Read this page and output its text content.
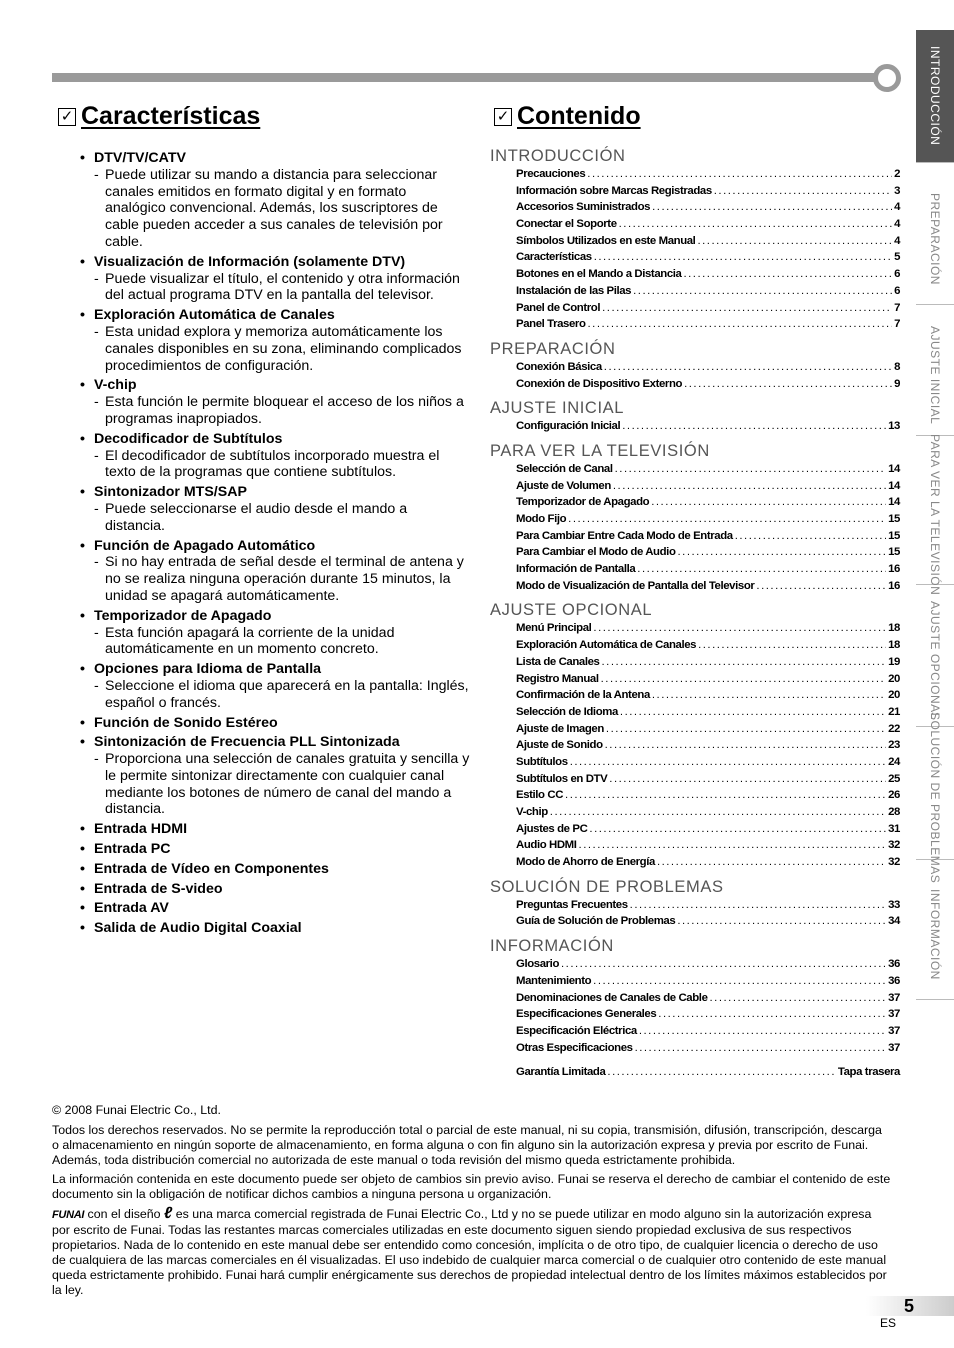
INTRODUCCIÓN
PREPARACIÓN
AJUSTE INICIAL
PARA VER LA TELEVISIÓN
AJUSTE OPCIONAL
SOLUCIÓN DE PROBLEMAS
INFORMACIÓN
✓ Características
• DTV/TV/CATV
- Puede utilizar su mando a distancia para seleccionar canales emitidos en formato digital y en formato analógico convencional. Además, los suscriptores de cable pueden acceder a sus canales de televisión por cable.
• Visualización de Información (solamente DTV)
- Puede visualizar el título, el contenido y otra información del actual programa DTV en la pantalla del televisor.
• Exploración Automática de Canales
- Esta unidad explora y memoriza automáticamente los canales disponibles en su zona, eliminando complicados procedimientos de configuración.
• V-chip
- Esta función le permite bloquear el acceso de los niños a programas inapropiados.
• Decodificador de Subtítulos
- El decodificador de subtítulos incorporado muestra el texto de la programas que contiene subtítulos.
• Sintonizador MTS/SAP
- Puede seleccionarse el audio desde el mando a distancia.
• Función de Apagado Automático
- Si no hay entrada de señal desde el terminal de antena y no se realiza ninguna operación durante 15 minutos, la unidad se apagará automáticamente.
• Temporizador de Apagado
- Esta función apagará la corriente de la unidad automáticamente en un momento concreto.
• Opciones para Idioma de Pantalla
- Seleccione el idioma que aparecerá en la pantalla: Inglés, español o francés.
• Función de Sonido Estéreo
• Sintonización de Frecuencia PLL Sintonizada
- Proporciona una selección de canales gratuita y sencilla y le permite sintonizar directamente con cualquier canal mediante los botones de número de canal del mando a distancia.
• Entrada HDMI
• Entrada PC
• Entrada de Vídeo en Componentes
• Entrada de S-video
• Entrada AV
• Salida de Audio Digital Coaxial
✓ Contenido
INTRODUCCIÓN
Precauciones .....	2
Información sobre Marcas Registradas .....	3
Accesorios Suministrados .....	4
Conectar el Soporte .....	4
Símbolos Utilizados en este Manual .....	4
Características .....	5
Botones en el Mando a Distancia .....	6
Instalación de las Pilas .....	6
Panel de Control .....	7
Panel Trasero .....	7
PREPARACIÓN
Conexión Básica .....	8
Conexión de Dispositivo Externo .....	9
AJUSTE INICIAL
Configuración Inicial .....	13
PARA VER LA TELEVISIÓN
Selección de Canal .....	14
Ajuste de Volumen .....	14
Temporizador de Apagado .....	14
Modo Fijo .....	15
Para Cambiar Entre Cada Modo de Entrada .....	15
Para Cambiar el Modo de Audio .....	15
Información de Pantalla .....	16
Modo de Visualización de Pantalla del Televisor .....	16
AJUSTE OPCIONAL
Menú Principal .....	18
Exploración Automática de Canales .....	18
Lista de Canales .....	19
Registro Manual .....	20
Confirmación de la Antena .....	20
Selección de Idioma .....	21
Ajuste de Imagen .....	22
Ajuste de Sonido .....	23
Subtítulos .....	24
Subtítulos en DTV .....	25
Estilo CC .....	26
V-chip .....	28
Ajustes de PC .....	31
Audio HDMI .....	32
Modo de Ahorro de Energía .....	32
SOLUCIÓN DE PROBLEMAS
Preguntas Frecuentes .....	33
Guía de Solución de Problemas .....	34
INFORMACIÓN
Glosario .....	36
Mantenimiento .....	36
Denominaciones de Canales de Cable .....	37
Especificaciones Generales .....	37
Especificación Eléctrica .....	37
Otras Especificaciones .....	37
Garantía Limitada .....	Tapa trasera
© 2008 Funai Electric Co., Ltd.

Todos los derechos reservados. No se permite la reproducción total o parcial de este manual, ni su copia, transmisión, difusión, transcripción, descarga o almacenamiento en ningún soporte de almacenamiento, en forma alguna o con fin alguno sin la autorización expresa y previa por escrito de Funai.
Además, toda distribución comercial no autorizada de este manual o toda revisión del mismo queda estrictamente prohibida.

La información contenida en este documento puede ser objeto de cambios sin previo aviso. Funai se reserva el derecho de cambiar el contenido de este documento sin la obligación de notificar dichos cambios a ninguna persona u organización.

FUNAI con el diseño ℓ es una marca comercial registrada de Funai Electric Co., Ltd y no se puede utilizar en modo alguno sin la autorización expresa por escrito de Funai. Todas las restantes marcas comerciales utilizadas en este documento siguen siendo propiedad exclusiva de sus respectivos propietarios. Nada de lo contenido en este manual debe ser entendido como concesión, implícita o de otro tipo, de cualquier licencia o derecho de uso de cualquiera de las marcas comerciales en él visualizadas. El uso indebido de cualquier marca comercial o de cualquier otro contenido de este manual queda estrictamente prohibido. Funai hará cumplir enérgicamente sus derechos de propiedad intelectual dentro de los límites máximos establecidos por la ley.

5
ES
